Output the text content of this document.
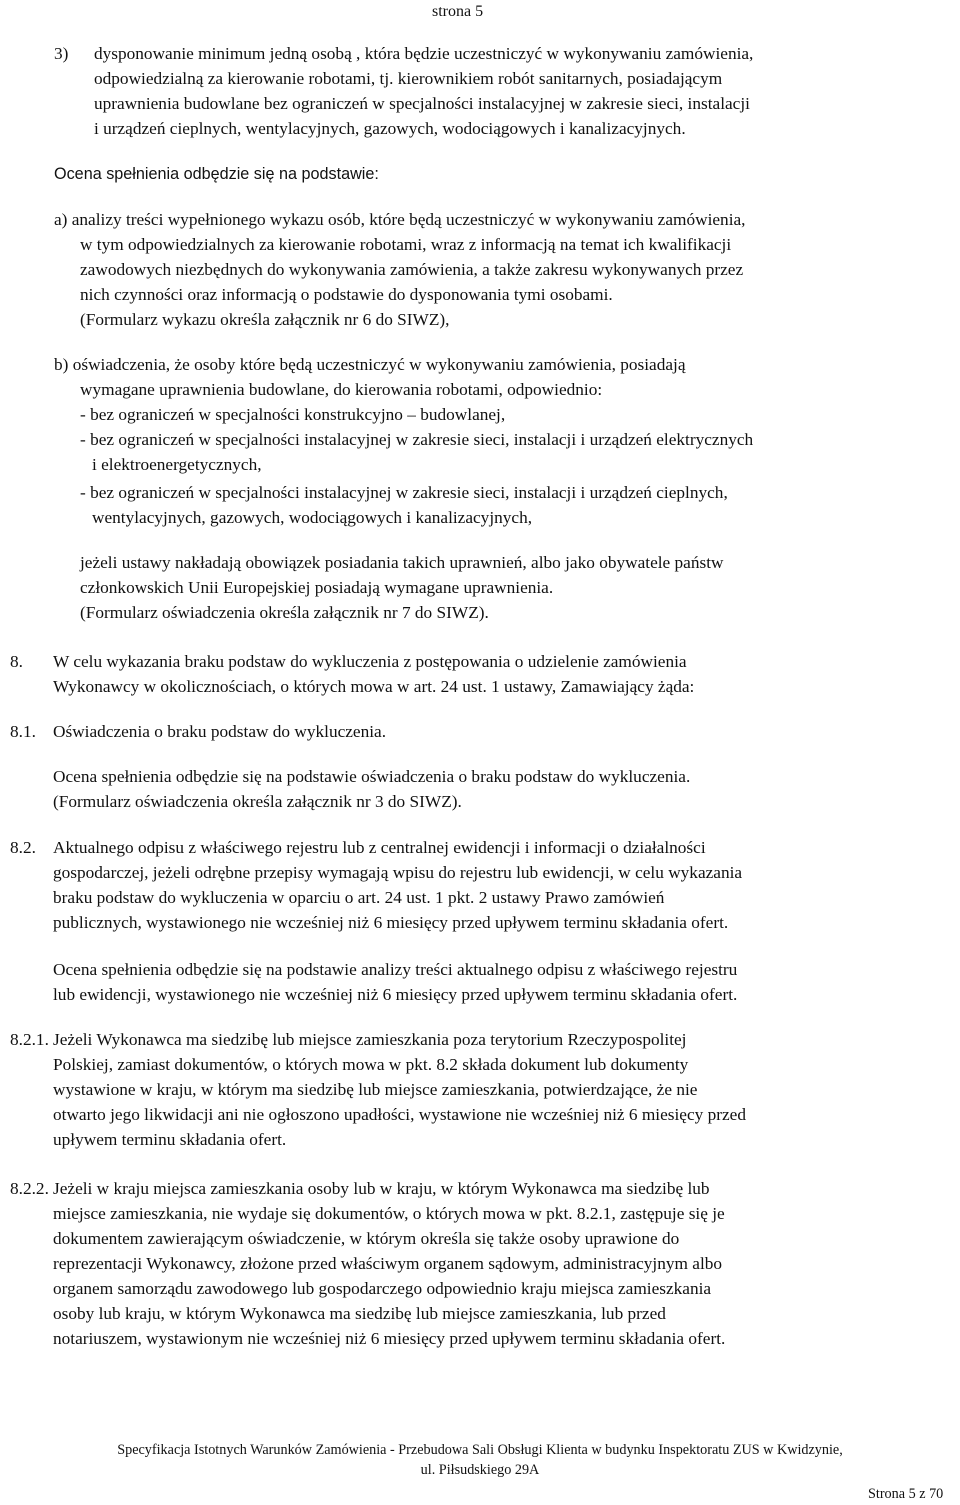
strona 5
3) dysponowanie minimum jedną osobą , która będzie uczestniczyć w wykonywaniu zamówienia,
odpowiedzialną za kierowanie robotami, tj. kierownikiem robót sanitarnych, posiadającym
uprawnienia budowlane bez ograniczeń w specjalności instalacyjnej w zakresie sieci, instalacji
i urządzeń cieplnych, wentylacyjnych, gazowych, wodociągowych i kanalizacyjnych.
Ocena spełnienia odbędzie się na podstawie:
a) analizy treści wypełnionego wykazu osób, które będą uczestniczyć w wykonywaniu zamówienia,
w tym odpowiedzialnych za kierowanie robotami, wraz z informacją na temat ich kwalifikacji
zawodowych niezbędnych do wykonywania zamówienia, a także zakresu wykonywanych przez
nich czynności oraz informacją o podstawie do dysponowania tymi osobami.
(Formularz wykazu określa załącznik nr 6 do SIWZ),
b) oświadczenia, że osoby które będą uczestniczyć w wykonywaniu zamówienia, posiadają
wymagane uprawnienia budowlane, do kierowania robotami, odpowiednio:
- bez ograniczeń w specjalności konstrukcyjno – budowlanej,
- bez ograniczeń w specjalności instalacyjnej w zakresie sieci, instalacji i urządzeń elektrycznych
i elektroenergetycznych,
- bez ograniczeń w specjalności instalacyjnej w zakresie sieci, instalacji i urządzeń cieplnych,
wentylacyjnych, gazowych, wodociągowych i kanalizacyjnych,
jeżeli ustawy nakładają obowiązek posiadania takich uprawnień, albo jako obywatele państw
członkowskich Unii Europejskiej posiadają wymagane uprawnienia.
(Formularz oświadczenia określa załącznik nr 7 do SIWZ).
8. W celu wykazania braku podstaw do wykluczenia z postępowania o udzielenie zamówienia
Wykonawcy w okolicznościach, o których mowa w art. 24 ust. 1 ustawy, Zamawiający żąda:
8.1. Oświadczenia o braku podstaw do wykluczenia.
Ocena spełnienia odbędzie się na podstawie oświadczenia o braku podstaw do wykluczenia.
(Formularz oświadczenia określa załącznik nr 3 do SIWZ).
8.2. Aktualnego odpisu z właściwego rejestru lub z centralnej ewidencji i informacji o działalności
gospodarczej, jeżeli odrębne przepisy wymagają wpisu do rejestru lub ewidencji, w celu wykazania
braku podstaw do wykluczenia w oparciu o art. 24 ust. 1 pkt. 2 ustawy Prawo zamówień
publicznych, wystawionego nie wcześniej niż 6 miesięcy przed upływem terminu składania ofert.
Ocena spełnienia odbędzie się na podstawie analizy treści aktualnego odpisu z właściwego rejestru
lub ewidencji, wystawionego nie wcześniej niż 6 miesięcy przed upływem terminu składania ofert.
8.2.1. Jeżeli Wykonawca ma siedzibę lub miejsce zamieszkania poza terytorium Rzeczypospolitej
Polskiej, zamiast dokumentów, o których mowa w pkt. 8.2 składa dokument lub dokumenty
wystawione w kraju, w którym ma siedzibę lub miejsce zamieszkania, potwierdzające, że nie
otwarto jego likwidacji ani nie ogłoszono upadłości, wystawione nie wcześniej niż 6 miesięcy przed
upływem terminu składania ofert.
8.2.2. Jeżeli w kraju miejsca zamieszkania osoby lub w kraju, w którym Wykonawca ma siedzibę lub
miejsce zamieszkania, nie wydaje się dokumentów, o których mowa w pkt. 8.2.1, zastępuje się je
dokumentem zawierającym oświadczenie, w którym określa się także osoby uprawione do
reprezentacji Wykonawcy, złożone przed właściwym organem sądowym, administracyjnym albo
organem samorządu zawodowego lub gospodarczego odpowiednio kraju miejsca zamieszkania
osoby lub kraju, w którym Wykonawca ma siedzibę lub miejsce zamieszkania, lub przed
notariuszem, wystawionym nie wcześniej niż 6 miesięcy przed upływem terminu składania ofert.
Specyfikacja Istotnych Warunków Zamówienia - Przebudowa Sali Obsługi Klienta w budynku Inspektoratu ZUS w Kwidzynie,
ul. Piłsudskiego 29A
Strona 5 z 70
